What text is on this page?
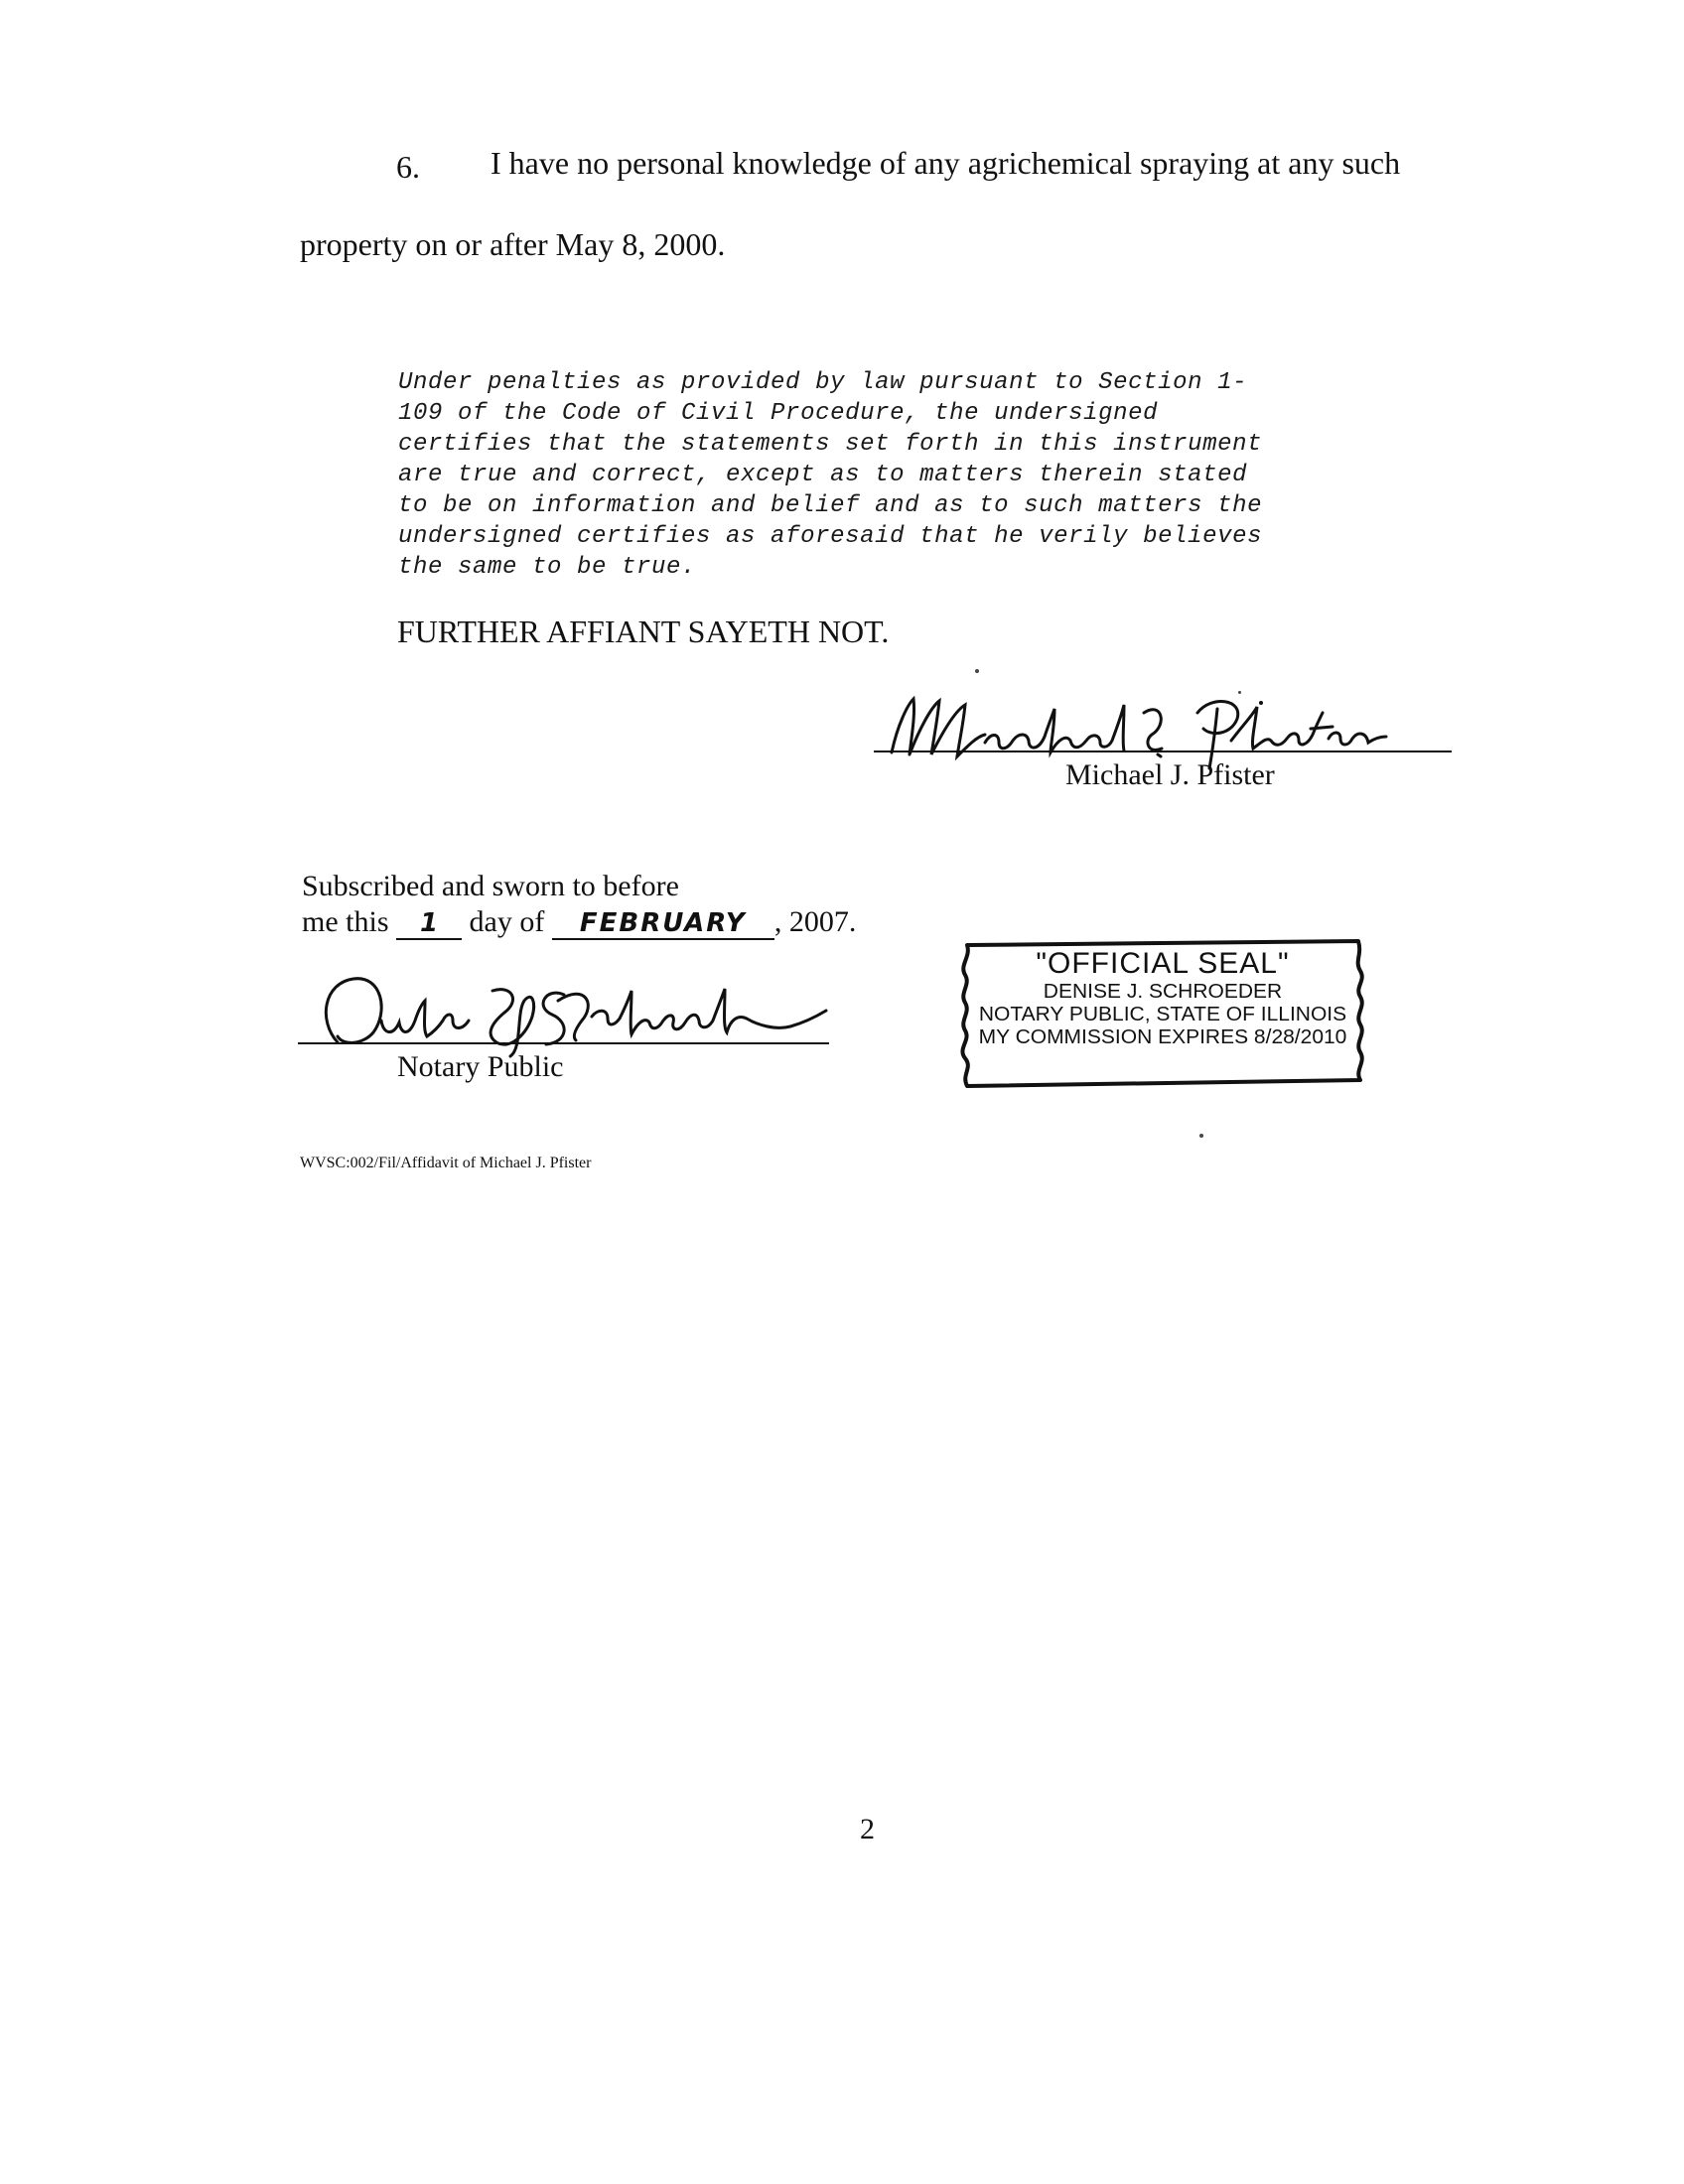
6. I have no personal knowledge of any agrichemical spraying at any such
property on or after May 8, 2000.
Under penalties as provided by law pursuant to Section 1-
109 of the Code of Civil Procedure, the undersigned
certifies that the statements set forth in this instrument
are true and correct, except as to matters therein stated
to be on information and belief and as to such matters the
undersigned certifies as aforesaid that he verily believes
the same to be true.
FURTHER AFFIANT SAYETH NOT.
Michael J. Pfister
Subscribed and sworn to before
me this 1 day of FEBRUARY , 2007.
Notary Public
"OFFICIAL SEAL"
DENISE J. SCHROEDER
NOTARY PUBLIC, STATE OF ILLINOIS
MY COMMISSION EXPIRES 8/28/2010
WVSC:002/Fil/Affidavit of Michael J. Pfister
2
